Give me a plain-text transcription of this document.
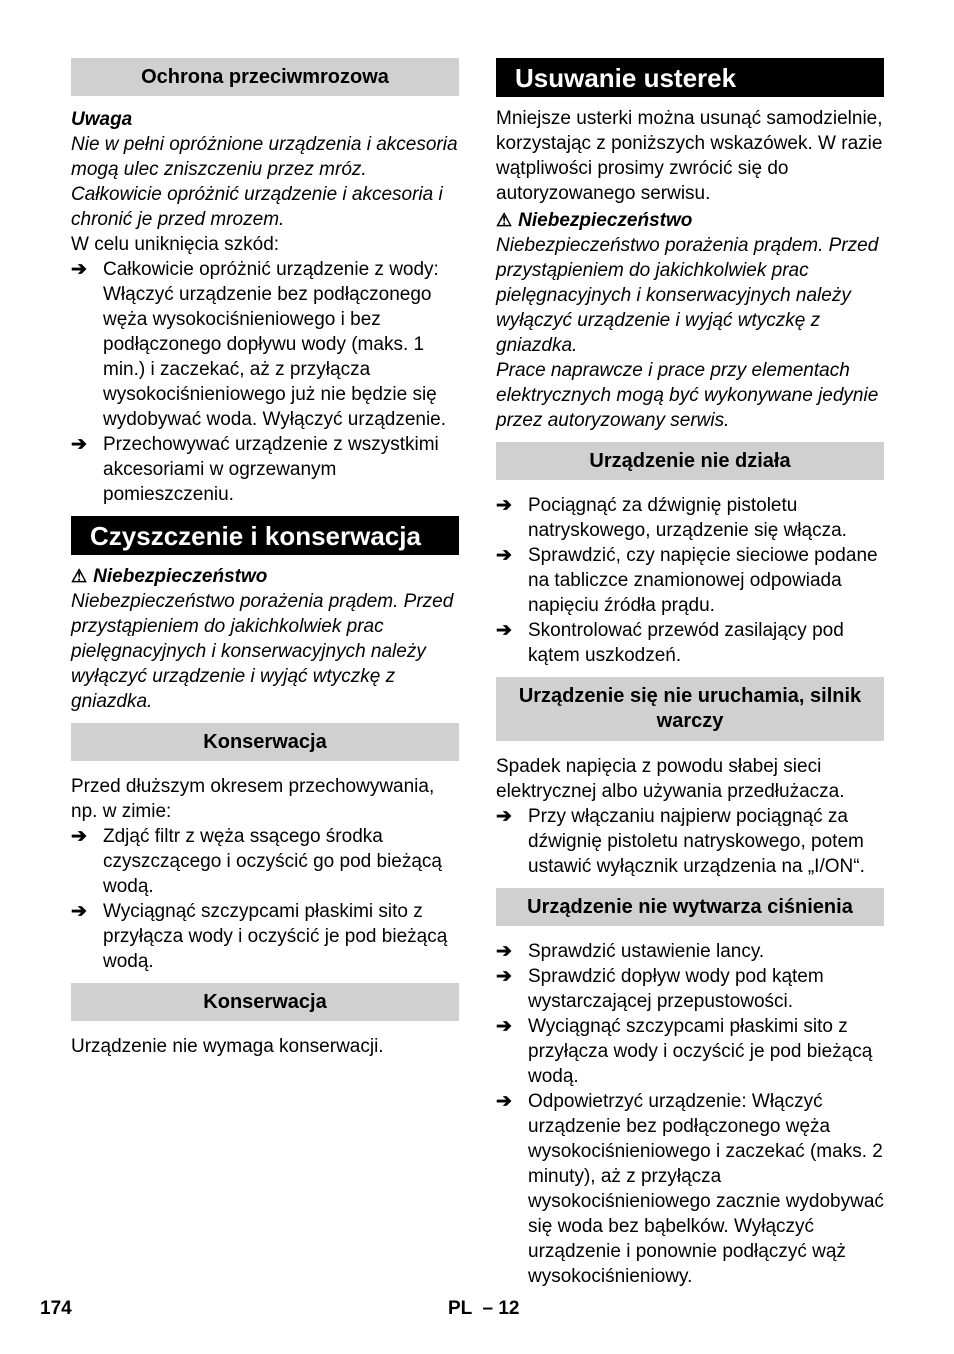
Ochrona przeciwmrozowa

Uwaga

Nie w pełni opróżnione urządzenia i akcesoria mogą ulec zniszczeniu przez mróz. Całkowicie opróżnić urządzenie i akcesoria i chronić je przed mrozem.

W celu uniknięcia szkód:

➔ Całkowicie opróżnić urządzenie z wody: Włączyć urządzenie bez podłączonego węża wysokociśnieniowego i bez podłączonego dopływu wody (maks. 1 min.) i zaczekać, aż z przyłącza wysokociśnieniowego już nie będzie się wydobywać woda. Wyłączyć urządzenie.
➔ Przechowywać urządzenie z wszystkimi akcesoriami w ogrzewanym pomieszczeniu.
Czyszczenie i konserwacja

⚠ Niebezpieczeństwo

Niebezpieczeństwo porażenia prądem. Przed przystąpieniem do jakichkolwiek prac pielęgnacyjnych i konserwacyjnych należy wyłączyć urządzenie i wyjąć wtyczkę z gniazdka.

Konserwacja

Przed dłuższym okresem przechowywania, np. w zimie:

➔ Zdjąć filtr z węża ssącego środka czyszczącego i oczyścić go pod bieżącą wodą.
➔ Wyciągnąć szczypcami płaskimi sito z przyłącza wody i oczyścić je pod bieżącą wodą.
Konserwacja

Urządzenie nie wymaga konserwacji.

Usuwanie usterek

Mniejsze usterki można usunąć samodzielnie, korzystając z poniższych wskazówek. W razie wątpliwości prosimy zwrócić się do autoryzowanego serwisu.

⚠ Niebezpieczeństwo

Niebezpieczeństwo porażenia prądem. Przed przystąpieniem do jakichkolwiek prac pielęgnacyjnych i konserwacyjnych należy wyłączyć urządzenie i wyjąć wtyczkę z gniazdka.

Prace naprawcze i prace przy elementach elektrycznych mogą być wykonywane jedynie przez autoryzowany serwis.

Urządzenie nie działa
➔ Pociągnąć za dźwignię pistoletu natryskowego, urządzenie się włącza.
➔ Sprawdzić, czy napięcie sieciowe podane na tabliczce znamionowej odpowiada napięciu źródła prądu.
➔ Skontrolować przewód zasilający pod kątem uszkodzeń.
Urządzenie się nie uruchamia, silnik warczy

Spadek napięcia z powodu słabej sieci elektrycznej albo używania przedłużacza.

➔ Przy włączaniu najpierw pociągnąć za dźwignię pistoletu natryskowego, potem ustawić wyłącznik urządzenia na „I/ON“.
Urządzenie nie wytwarza ciśnienia
➔ Sprawdzić ustawienie lancy.
➔ Sprawdzić dopływ wody pod kątem wystarczającej przepustowości.
➔ Wyciągnąć szczypcami płaskimi sito z przyłącza wody i oczyścić je pod bieżącą wodą.
➔ Odpowietrzyć urządzenie: Włączyć urządzenie bez podłączonego węża wysokociśnieniowego i zaczekać (maks. 2 minuty), aż z przyłącza wysokociśnieniowego zacznie wydobywać się woda bez bąbelków. Wyłączyć urządzenie i ponownie podłączyć wąż wysokociśnieniowy.
174	PL  – 12
